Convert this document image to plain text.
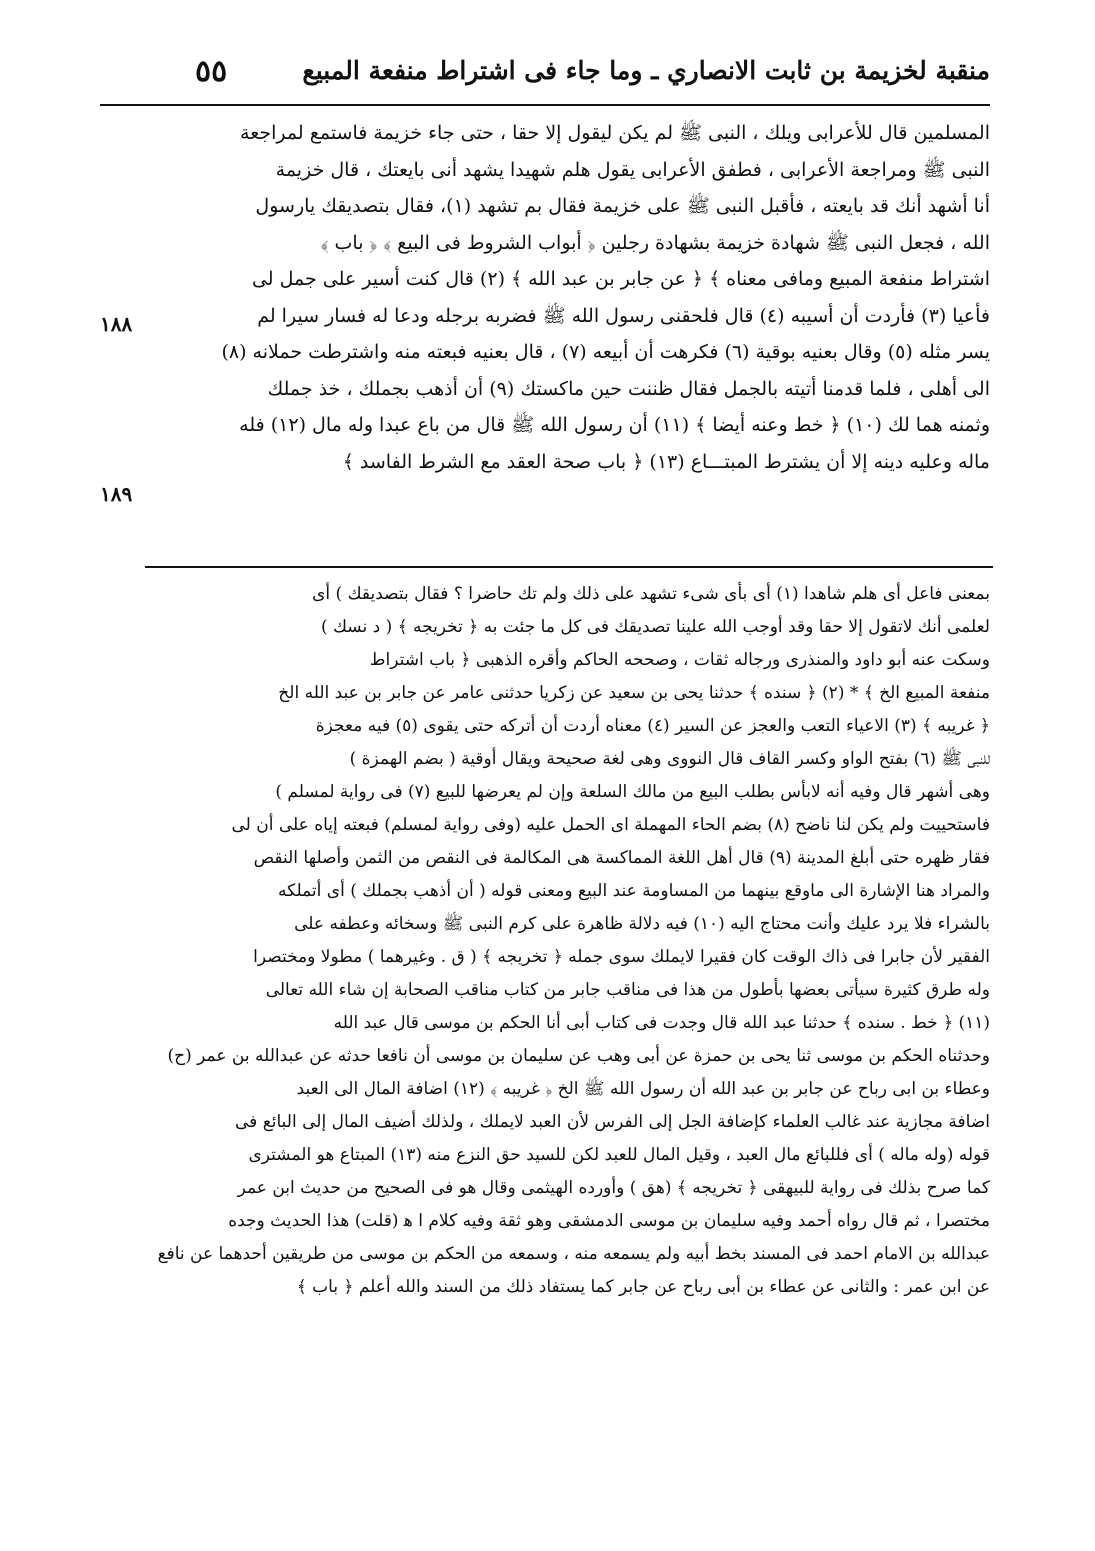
٥٥	منقبة لخزيمة بن ثابت الانصاري ـ وما جاء فى اشتراط منفعة المبيع
المسلمين قال للأعرابى ويلك ، النبى ﷺ لم يكن ليقول إلا حقا ، حتى جاء خزيمة فاستمع لمراجعة
النبى ﷺ ومراجعة الأعرابى ، فطفق الأعرابى يقول هلم شهيدا يشهد أنى بايعتك ، قال خزيمة
أنا أشهد أنك قد بايعته ، فأقبل النبى ﷺ على خزيمة فقال بم تشهد (١)، فقال بتصديقك يارسول
الله ، فجعل النبى ﷺ شهادة خزيمة بشهادة رجلين ﴿ أبواب الشروط فى البيع ﴾ ﴿ باب ﴾
اشتراط منفعة المبيع ومافى معناه ﴾ ﴿ عن جابر بن عبد الله ﴾ (٢) قال كنت أسير على جمل لى
فأعيا (٣) فأردت أن أسيبه (٤) قال فلحقنى رسول الله ﷺ فضربه برجله ودعا له فسار سيرا لم
يسر مثله (٥) وقال بعنيه بوقية (٦) فكرهت أن أبيعه (٧) ، قال بعنيه فبعته منه واشترطت حملانه (٨)
الى أهلى ، فلما قدمنا أتيته بالجمل فقال ظننت حين ماكستك (٩) أن أذهب بجملك ، خذ جملك
وثمنه هما لك (١٠) ﴿ خط وعنه أيضا ﴾ (١١) أن رسول الله ﷺ قال من باع عبدا وله مال (١٢) فله
ماله وعليه دينه إلا أن يشترط المبتـــاع (١٣) ﴿ باب صحة العقد مع الشرط الفاسد ﴾
١٨٨
١٨٩
بمعنى فاعل أى هلم شاهدا (١) أى بأى شىء تشهد على ذلك ولم تك حاضرا ؟ فقال بتصديقك ) أى
لعلمى أنك لاتقول إلا حقا وقد أوجب الله علينا تصديقك فى كل ما جئت به ﴿ تخريجه ﴾ ( د نسك )
وسكت عنه أبو داود والمنذرى ورجاله ثقات ، وصححه الحاكم وأقره الذهبى ﴿ باب اشتراط
منفعة المبيع الخ ﴾ * (٢) ﴿ سنده ﴾ حدثنا يحى بن سعيد عن زكريا حدثنى عامر عن جابر بن عبد الله الخ
﴿ غريبه ﴾ (٣) الاعياء التعب والعجز عن السير (٤) معناه أردت أن أتركه حتى يقوى (٥) فيه معجزة
للنبى ﷺ (٦) بفتح الواو وكسر القاف قال النووى وهى لغة صحيحة ويقال أوقية ( بضم الهمزة )
وهى أشهر قال وفيه أنه لابأس بطلب البيع من مالك السلعة وإن لم يعرضها للبيع (٧) فى رواية لمسلم )
فاستحييت ولم يكن لنا ناضح (٨) بضم الحاء المهملة اى الحمل عليه (وفى رواية لمسلم) فبعته إياه على أن لى
فقار ظهره حتى أبلغ المدينة (٩) قال أهل اللغة المماكسة هى المكالمة فى النقص من الثمن وأصلها النقص
والمراد هنا الإشارة الى ماوقع بينهما من المساومة عند البيع ومعنى قوله ( أن أذهب بجملك ) أى أتملكه
بالشراء فلا يرد عليك وأنت محتاج اليه (١٠) فيه دلالة ظاهرة على كرم النبى ﷺ وسخائه وعطفه على
الفقير لأن جابرا فى ذاك الوقت كان فقيرا لايملك سوى جمله ﴿ تخريجه ﴾ ( ق . وغيرهما ) مطولا ومختصرا
وله طرق كثيرة سيأتى بعضها بأطول من هذا فى مناقب جابر من كتاب مناقب الصحابة إن شاء الله تعالى
(١١) ﴿ خط . سنده ﴾ حدثنا عبد الله قال وجدت فى كتاب أبى أنا الحكم بن موسى قال عبد الله
وحدثناه الحكم بن موسى ثنا يحى بن حمزة عن أبى وهب عن سليمان بن موسى أن نافعا حدثه عن عبدالله بن عمر (ح)
وعطاء بن ابى رباح عن جابر بن عبد الله أن رسول الله ﷺ الخ ﴿ غريبه ﴾ (١٢) اضافة المال الى العبد
اضافة مجازية عند غالب العلماء كإضافة الجل إلى الفرس لأن العبد لايملك ، ولذلك أضيف المال إلى البائع فى
قوله (وله ماله ) أى فللبائع مال العبد ، وقيل المال للعبد لكن للسيد حق النزع منه (١٣) المبتاع هو المشترى
كما صرح بذلك فى رواية للبيهقى ﴿ تخريجه ﴾ (هق ) وأورده الهيثمى وقال هو فى الصحيح من حديث ابن عمر
مختصرا ، ثم قال رواه أحمد وفيه سليمان بن موسى الدمشقى وهو ثقة وفيه كلام ا ﻫ (قلت) هذا الحديث وجده
عبدالله بن الامام احمد فى المسند بخط أبيه ولم يسمعه منه ، وسمعه من الحكم بن موسى من طريقين أحدهما عن نافع
عن ابن عمر : والثانى عن عطاء بن أبى رباح عن جابر كما يستفاد ذلك من السند والله أعلم ﴿ باب ﴾
